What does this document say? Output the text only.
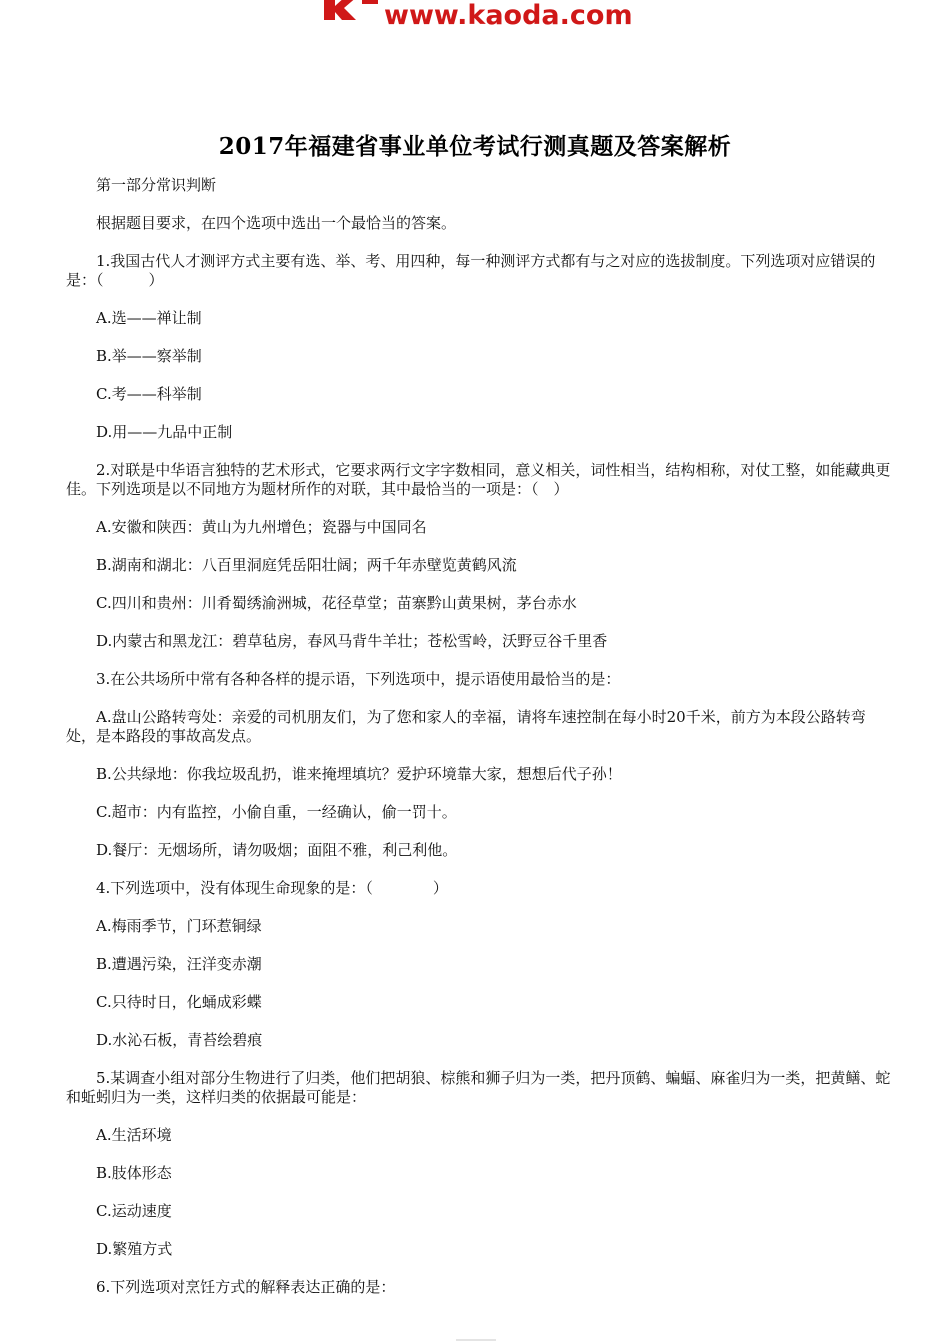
www.kaoda.com
2017年福建省事业单位考试行测真题及答案解析

第一部分常识判断

根据题目要求，在四个选项中选出一个最恰当的答案。

1.我国古代人才测评方式主要有选、举、考、用四种，每一种测评方式都有与之对应的选拔制度。下列选项对应错误的是：（　　　）

A.选——禅让制

B.举——察举制

C.考——科举制

D.用——九品中正制

2.对联是中华语言独特的艺术形式，它要求两行文字字数相同，意义相关，词性相当，结构相称，对仗工整，如能藏典更佳。下列选项是以不同地方为题材所作的对联，其中最恰当的一项是：（　）

A.安徽和陕西：黄山为九州增色；瓷器与中国同名

B.湖南和湖北：八百里洞庭凭岳阳壮阔；两千年赤壁览黄鹤风流

C.四川和贵州：川肴蜀绣渝洲城，花径草堂；苗寨黔山黄果树，茅台赤水

D.内蒙古和黑龙江：碧草毡房，春风马背牛羊壮；苍松雪岭，沃野豆谷千里香

3.在公共场所中常有各种各样的提示语，下列选项中，提示语使用最恰当的是：

A.盘山公路转弯处：亲爱的司机朋友们，为了您和家人的幸福，请将车速控制在每小时20千米，前方为本段公路转弯处，是本路段的事故高发点。

B.公共绿地：你我垃圾乱扔，谁来掩埋填坑？爱护环境靠大家，想想后代子孙！

C.超市：内有监控，小偷自重，一经确认，偷一罚十。

D.餐厅：无烟场所，请勿吸烟；面阻不雅，利己利他。

4.下列选项中，没有体现生命现象的是：（　　　　）

A.梅雨季节，门环惹铜绿

B.遭遇污染，汪洋变赤潮

C.只待时日，化蛹成彩蝶

D.水沁石板，青苔绘碧痕

5.某调查小组对部分生物进行了归类，他们把胡狼、棕熊和狮子归为一类，把丹顶鹤、蝙蝠、麻雀归为一类，把黄鳝、蛇和蚯蚓归为一类，这样归类的依据最可能是：

A.生活环境

B.肢体形态

C.运动速度

D.繁殖方式

6.下列选项对烹饪方式的解释表达正确的是：
